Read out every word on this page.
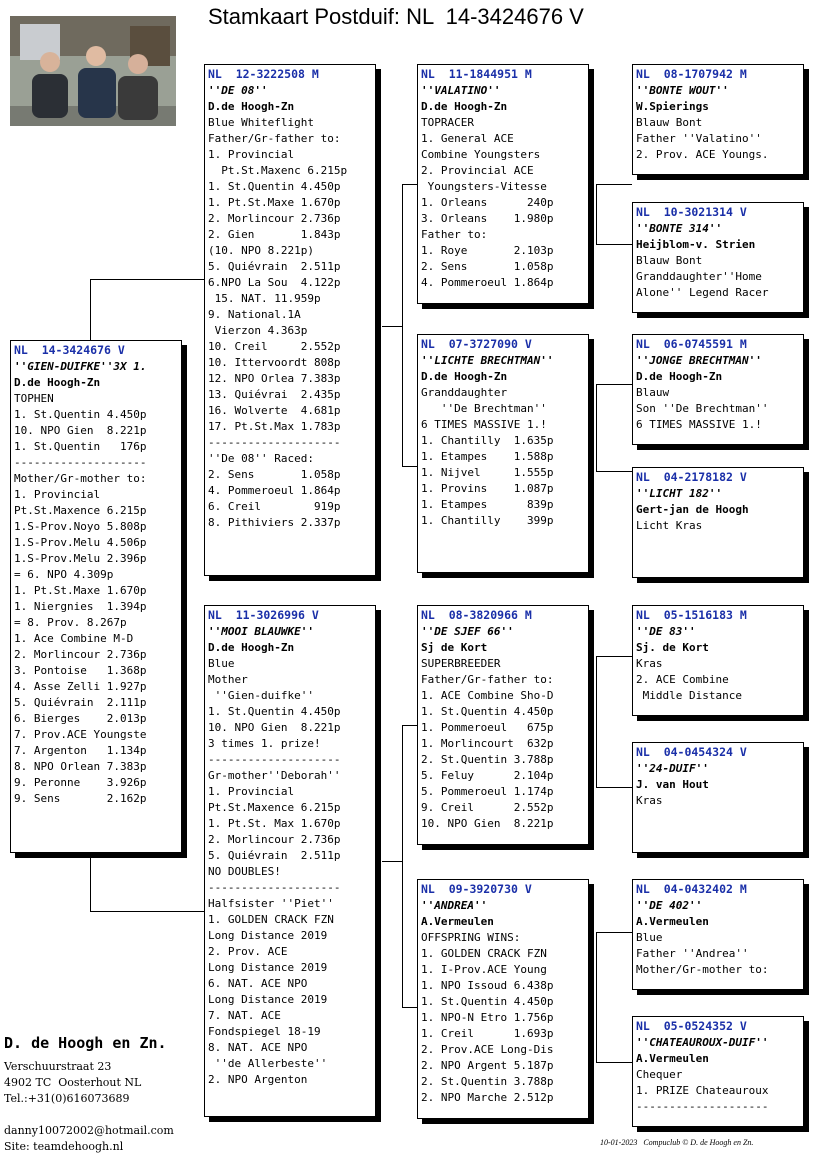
Stamkaart Postduif: NL  14-3424676 V
NL  14-3424676 V
''GIEN-DUIFKE''3X 1.
D.de Hoogh-Zn
TOPHEN
1. St.Quentin 4.450p
10. NPO Gien  8.221p
1. St.Quentin   176p
--------------------
Mother/Gr-mother to:
1. Provincial
Pt.St.Maxence 6.215p
1.S-Prov.Noyo 5.808p
1.S-Prov.Melu 4.506p
1.S-Prov.Melu 2.396p
= 6. NPO 4.309p
1. Pt.St.Maxe 1.670p
1. Niergnies  1.394p
= 8. Prov. 8.267p
1. Ace Combine M-D
2. Morlincour 2.736p
3. Pontoise   1.368p
4. Asse Zelli 1.927p
5. Quiévrain  2.111p
6. Bierges    2.013p
7. Prov.ACE Youngste
7. Argenton   1.134p
8. NPO Orlean 7.383p
9. Peronne    3.926p
9. Sens       2.162p
NL  12-3222508 M
''DE 08''
D.de Hoogh-Zn
Blue Whiteflight
Father/Gr-father to:
1. Provincial
Pt.St.Maxenc 6.215p
1. St.Quentin 4.450p
1. Pt.St.Maxe 1.670p
2. Morlincour 2.736p
2. Gien       1.843p
(10. NPO 8.221p)
5. Quiévrain  2.511p
6.NPO La Sou  4.122p
15. NAT. 11.959p
9. National.1A
Vierzon 4.363p
10. Creil     2.552p
10. Ittervoordt 808p
12. NPO Orlea 7.383p
13. Quiévrai  2.435p
16. Wolverte  4.681p
17. Pt.St.Max 1.783p
--------------------
''De 08'' Raced:
2. Sens       1.058p
4. Pommeroeul 1.864p
6. Creil        919p
8. Pithiviers 2.337p
NL  11-3026996 V
''MOOI BLAUWKE''
D.de Hoogh-Zn
Blue
Mother
''Gien-duifke''
1. St.Quentin 4.450p
10. NPO Gien  8.221p
3 times 1. prize!
--------------------
Gr-mother''Deborah''
1. Provincial
Pt.St.Maxence 6.215p
1. Pt.St. Max 1.670p
2. Morlincour 2.736p
5. Quiévrain  2.511p
NO DOUBLES!
--------------------
Halfsister ''Piet''
1. GOLDEN CRACK FZN
Long Distance 2019
2. Prov. ACE
Long Distance 2019
6. NAT. ACE NPO
Long Distance 2019
7. NAT. ACE
Fondspiegel 18-19
8. NAT. ACE NPO
''de Allerbeste''
2. NPO Argenton
NL  11-1844951 M
''VALATINO''
D.de Hoogh-Zn
TOPRACER
1. General ACE
Combine Youngsters
2. Provincial ACE
Youngsters-Vitesse
1. Orleans      240p
3. Orleans    1.980p
Father to:
1. Roye       2.103p
2. Sens       1.058p
4. Pommeroeul 1.864p
NL  07-3727090 V
''LICHTE BRECHTMAN''
D.de Hoogh-Zn
Granddaughter
''De Brechtman''
6 TIMES MASSIVE 1.!
1. Chantilly  1.635p
1. Etampes    1.588p
1. Nijvel     1.555p
1. Provins    1.087p
1. Etampes      839p
1. Chantilly    399p
NL  08-3820966 M
''DE SJEF 66''
Sj de Kort
SUPERBREEDER
Father/Gr-father to:
1. ACE Combine Sho-D
1. St.Quentin 4.450p
1. Pommeroeul   675p
1. Morlincourt  632p
2. St.Quentin 3.788p
5. Feluy      2.104p
5. Pommeroeul 1.174p
9. Creil      2.552p
10. NPO Gien  8.221p
NL  09-3920730 V
''ANDREA''
A.Vermeulen
OFFSPRING WINS:
1. GOLDEN CRACK FZN
1. I-Prov.ACE Young
1. NPO Issoud 6.438p
1. St.Quentin 4.450p
1. NPO-N Etro 1.756p
1. Creil      1.693p
2. Prov.ACE Long-Dis
2. NPO Argent 5.187p
2. St.Quentin 3.788p
2. NPO Marche 2.512p
NL  08-1707942 M
''BONTE WOUT''
W.Spierings
Blauw Bont
Father ''Valatino''
2. Prov. ACE Youngs.
NL  10-3021314 V
''BONTE 314''
Heijblom-v. Strien
Blauw Bont
Granddaughter''Home
Alone'' Legend Racer
NL  06-0745591 M
''JONGE BRECHTMAN''
D.de Hoogh-Zn
Blauw
Son ''De Brechtman''
6 TIMES MASSIVE 1.!
NL  04-2178182 V
''LICHT 182''
Gert-jan de Hoogh
Licht Kras
NL  05-1516183 M
''DE 83''
Sj. de Kort
Kras
2. ACE Combine
Middle Distance
NL  04-0454324 V
''24-DUIF''
J. van Hout
Kras
NL  04-0432402 M
''DE 402''
A.Vermeulen
Blue
Father ''Andrea''
Mother/Gr-mother to:
NL  05-0524352 V
''CHATEAUROUX-DUIF''
A.Vermeulen
Chequer
1. PRIZE Chateauroux
--------------------
D. de Hoogh en Zn.
Verschuurstraat 23
4902 TC  Oosterhout NL
Tel.:+31(0)616073689
danny10072002@hotmail.com
Site: teamdehoogh.nl	10-01-2023   Compuclub © D. de Hoogh en Zn.
